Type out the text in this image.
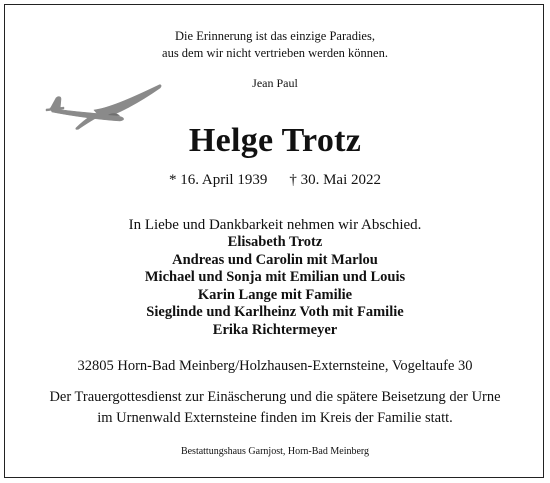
Die Erinnerung ist das einzige Paradies,
aus dem wir nicht vertrieben werden können.
Jean Paul
Helge Trotz
* 16. April 1939 † 30. Mai 2022
In Liebe und Dankbarkeit nehmen wir Abschied.
Elisabeth Trotz
Andreas und Carolin mit Marlou
Michael und Sonja mit Emilian und Louis
Karin Lange mit Familie
Sieglinde und Karlheinz Voth mit Familie
Erika Richtermeyer
32805 Horn-Bad Meinberg/Holzhausen-Externsteine, Vogeltaufe 30
Der Trauergottesdienst zur Einäscherung und die spätere Beisetzung der Urne
im Urnenwald Externsteine finden im Kreis der Familie statt.
Bestattungshaus Garnjost, Horn-Bad Meinberg
